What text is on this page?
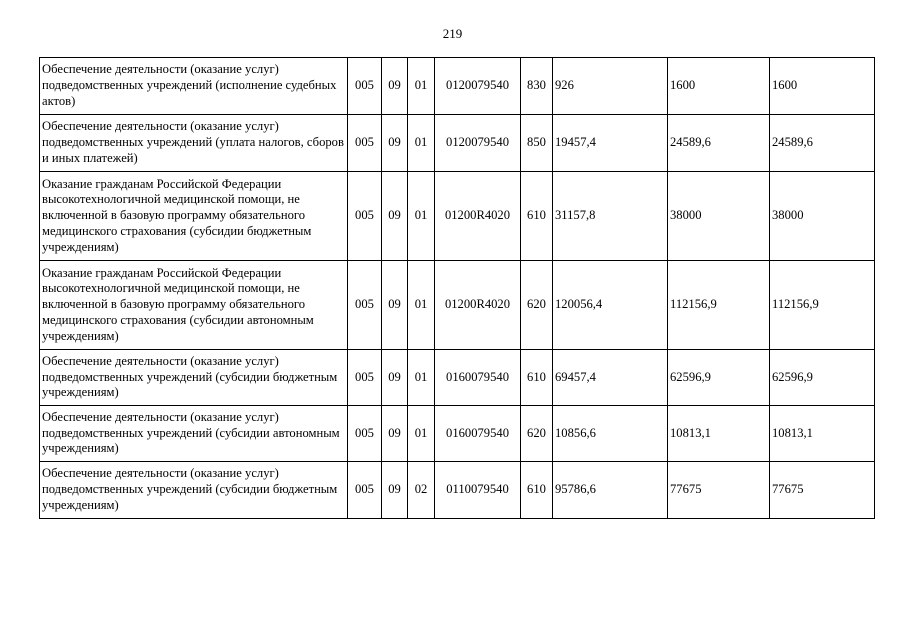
219
Обеспечение деятельности (оказание услуг) подведомственных учреждений (исполнение судебных актов)	005	09	01	0120079540	830	926	1600	1600
Обеспечение деятельности (оказание услуг) подведомственных учреждений (уплата налогов, сборов и иных платежей)	005	09	01	0120079540	850	19457,4	24589,6	24589,6
Оказание гражданам Российской Федерации высокотехнологичной медицинской помощи, не включенной в базовую программу обязательного медицинского страхования (субсидии бюджетным учреждениям)	005	09	01	01200R4020	610	31157,8	38000	38000
Оказание гражданам Российской Федерации высокотехнологичной медицинской помощи, не включенной в базовую программу обязательного медицинского страхования (субсидии автономным учреждениям)	005	09	01	01200R4020	620	120056,4	112156,9	112156,9
Обеспечение деятельности (оказание услуг) подведомственных учреждений (субсидии бюджетным учреждениям)	005	09	01	0160079540	610	69457,4	62596,9	62596,9
Обеспечение деятельности (оказание услуг) подведомственных учреждений (субсидии автономным учреждениям)	005	09	01	0160079540	620	10856,6	10813,1	10813,1
Обеспечение деятельности (оказание услуг) подведомственных учреждений (субсидии бюджетным учреждениям)	005	09	02	0110079540	610	95786,6	77675	77675
